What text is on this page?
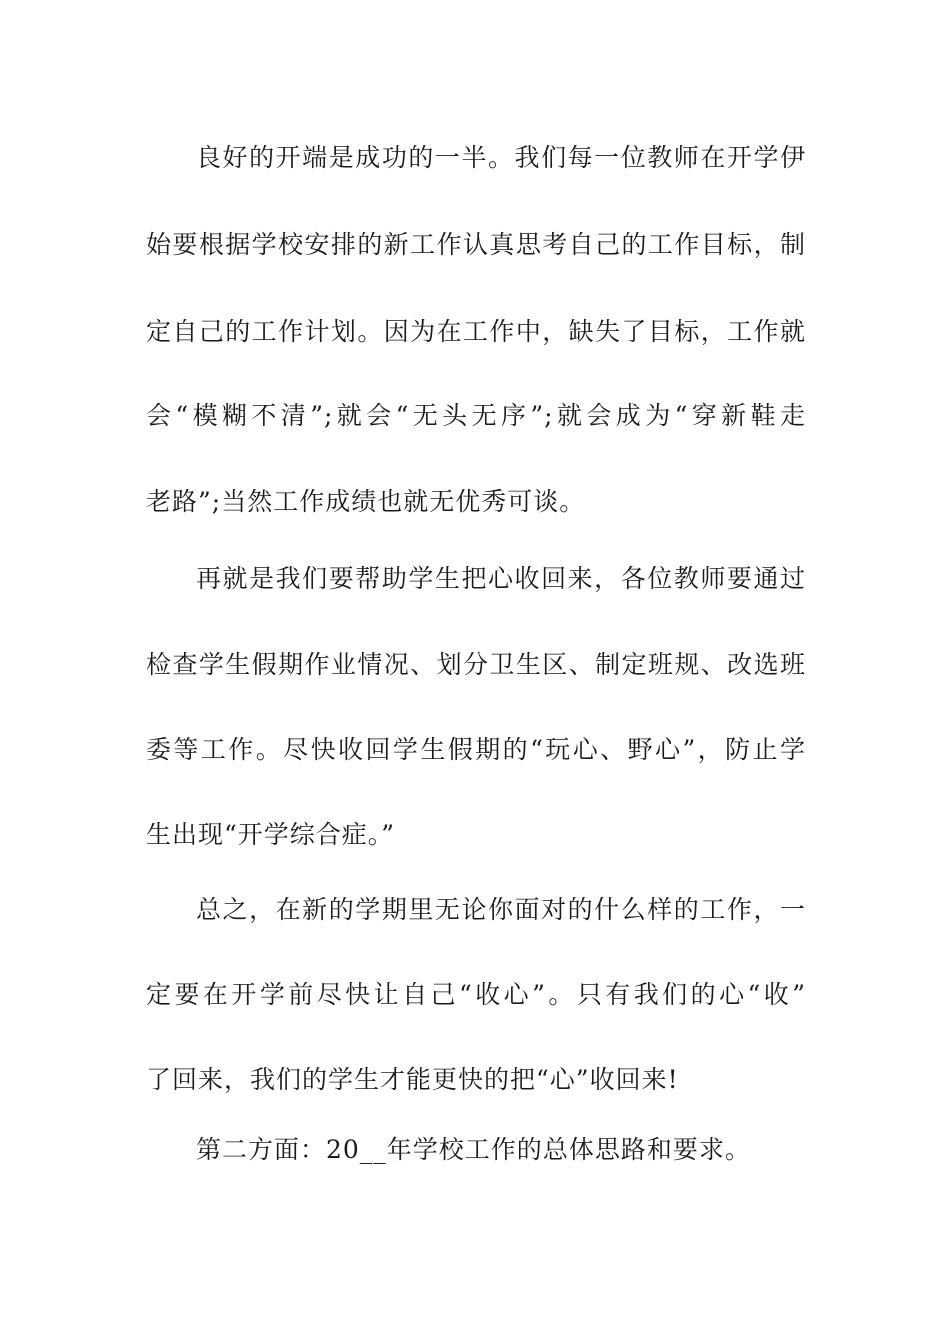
良好的开端是成功的一半。我们每一位教师在开学伊
始要根据学校安排的新工作认真思考自己的工作目标，制
定自己的工作计划。因为在工作中，缺失了目标，工作就
会“模糊不清”;就会“无头无序”;就会成为“穿新鞋走
老路”;当然工作成绩也就无优秀可谈。
再就是我们要帮助学生把心收回来，各位教师要通过
检查学生假期作业情况、划分卫生区、制定班规、改选班
委等工作。尽快收回学生假期的“玩心、野心”，防止学
生出现“开学综合症。”
总之，在新的学期里无论你面对的什么样的工作，一
定要在开学前尽快让自己“收心”。只有我们的心“收”
了回来，我们的学生才能更快的把“心”收回来!
第二方面：20__年学校工作的总体思路和要求。
